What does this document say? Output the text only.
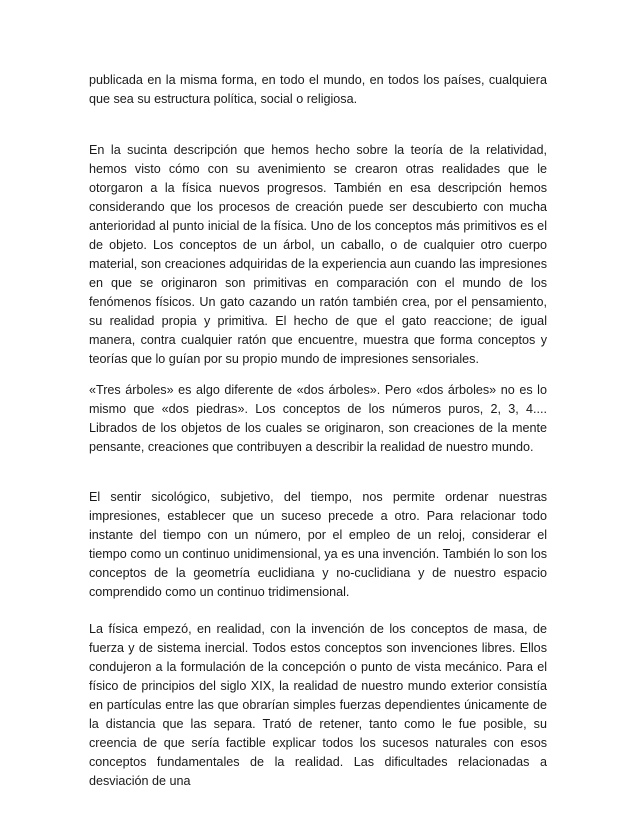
publicada en la misma forma, en todo el mundo, en todos los países, cualquiera que sea su estructura política, social o religiosa.

En la sucinta descripción que hemos hecho sobre la teoría de la relatividad, hemos visto cómo con su avenimiento se crearon otras realidades que le otorgaron a la física nuevos progresos. También en esa descripción hemos considerando que los procesos de creación puede ser descubierto con mucha anterioridad al punto inicial de la física. Uno de los conceptos más primitivos es el de objeto. Los conceptos de un árbol, un caballo, o de cualquier otro cuerpo material, son creaciones adquiridas de la experiencia aun cuando las impresiones en que se originaron son primitivas en comparación con el mundo de los fenómenos físicos. Un gato cazando un ratón también crea, por el pensamiento, su realidad propia y primitiva. El hecho de que el gato reaccione; de igual manera, contra cualquier ratón que encuentre, muestra que forma conceptos y teorías que lo guían por su propio mundo de impresiones sensoriales.

«Tres árboles» es algo diferente de «dos árboles». Pero «dos árboles» no es lo mismo que «dos piedras». Los conceptos de los números puros, 2, 3, 4.... Librados de los objetos de los cuales se originaron, son creaciones de la mente pensante, creaciones que contribuyen a describir la realidad de nuestro mundo.

El sentir sicológico, subjetivo, del tiempo, nos permite ordenar nuestras impresiones, establecer que un suceso precede a otro. Para relacionar todo instante del tiempo con un número, por el empleo de un reloj, considerar el tiempo como un continuo unidimensional, ya es una invención. También lo son los conceptos de la geometría euclidiana y no-cuclidiana y de nuestro espacio comprendido como un continuo tridimensional.

La física empezó, en realidad, con la invención de los conceptos de masa, de fuerza y de sistema inercial. Todos estos conceptos son invenciones libres. Ellos condujeron a la formulación de la concepción o punto de vista mecánico. Para el físico de principios del siglo XIX, la realidad de nuestro mundo exterior consistía en partículas entre las que obrarían simples fuerzas dependientes únicamente de la distancia que las separa. Trató de retener, tanto como le fue posible, su creencia de que sería factible explicar todos los sucesos naturales con esos conceptos fundamentales de la realidad. Las dificultades relacionadas a desviación de una
